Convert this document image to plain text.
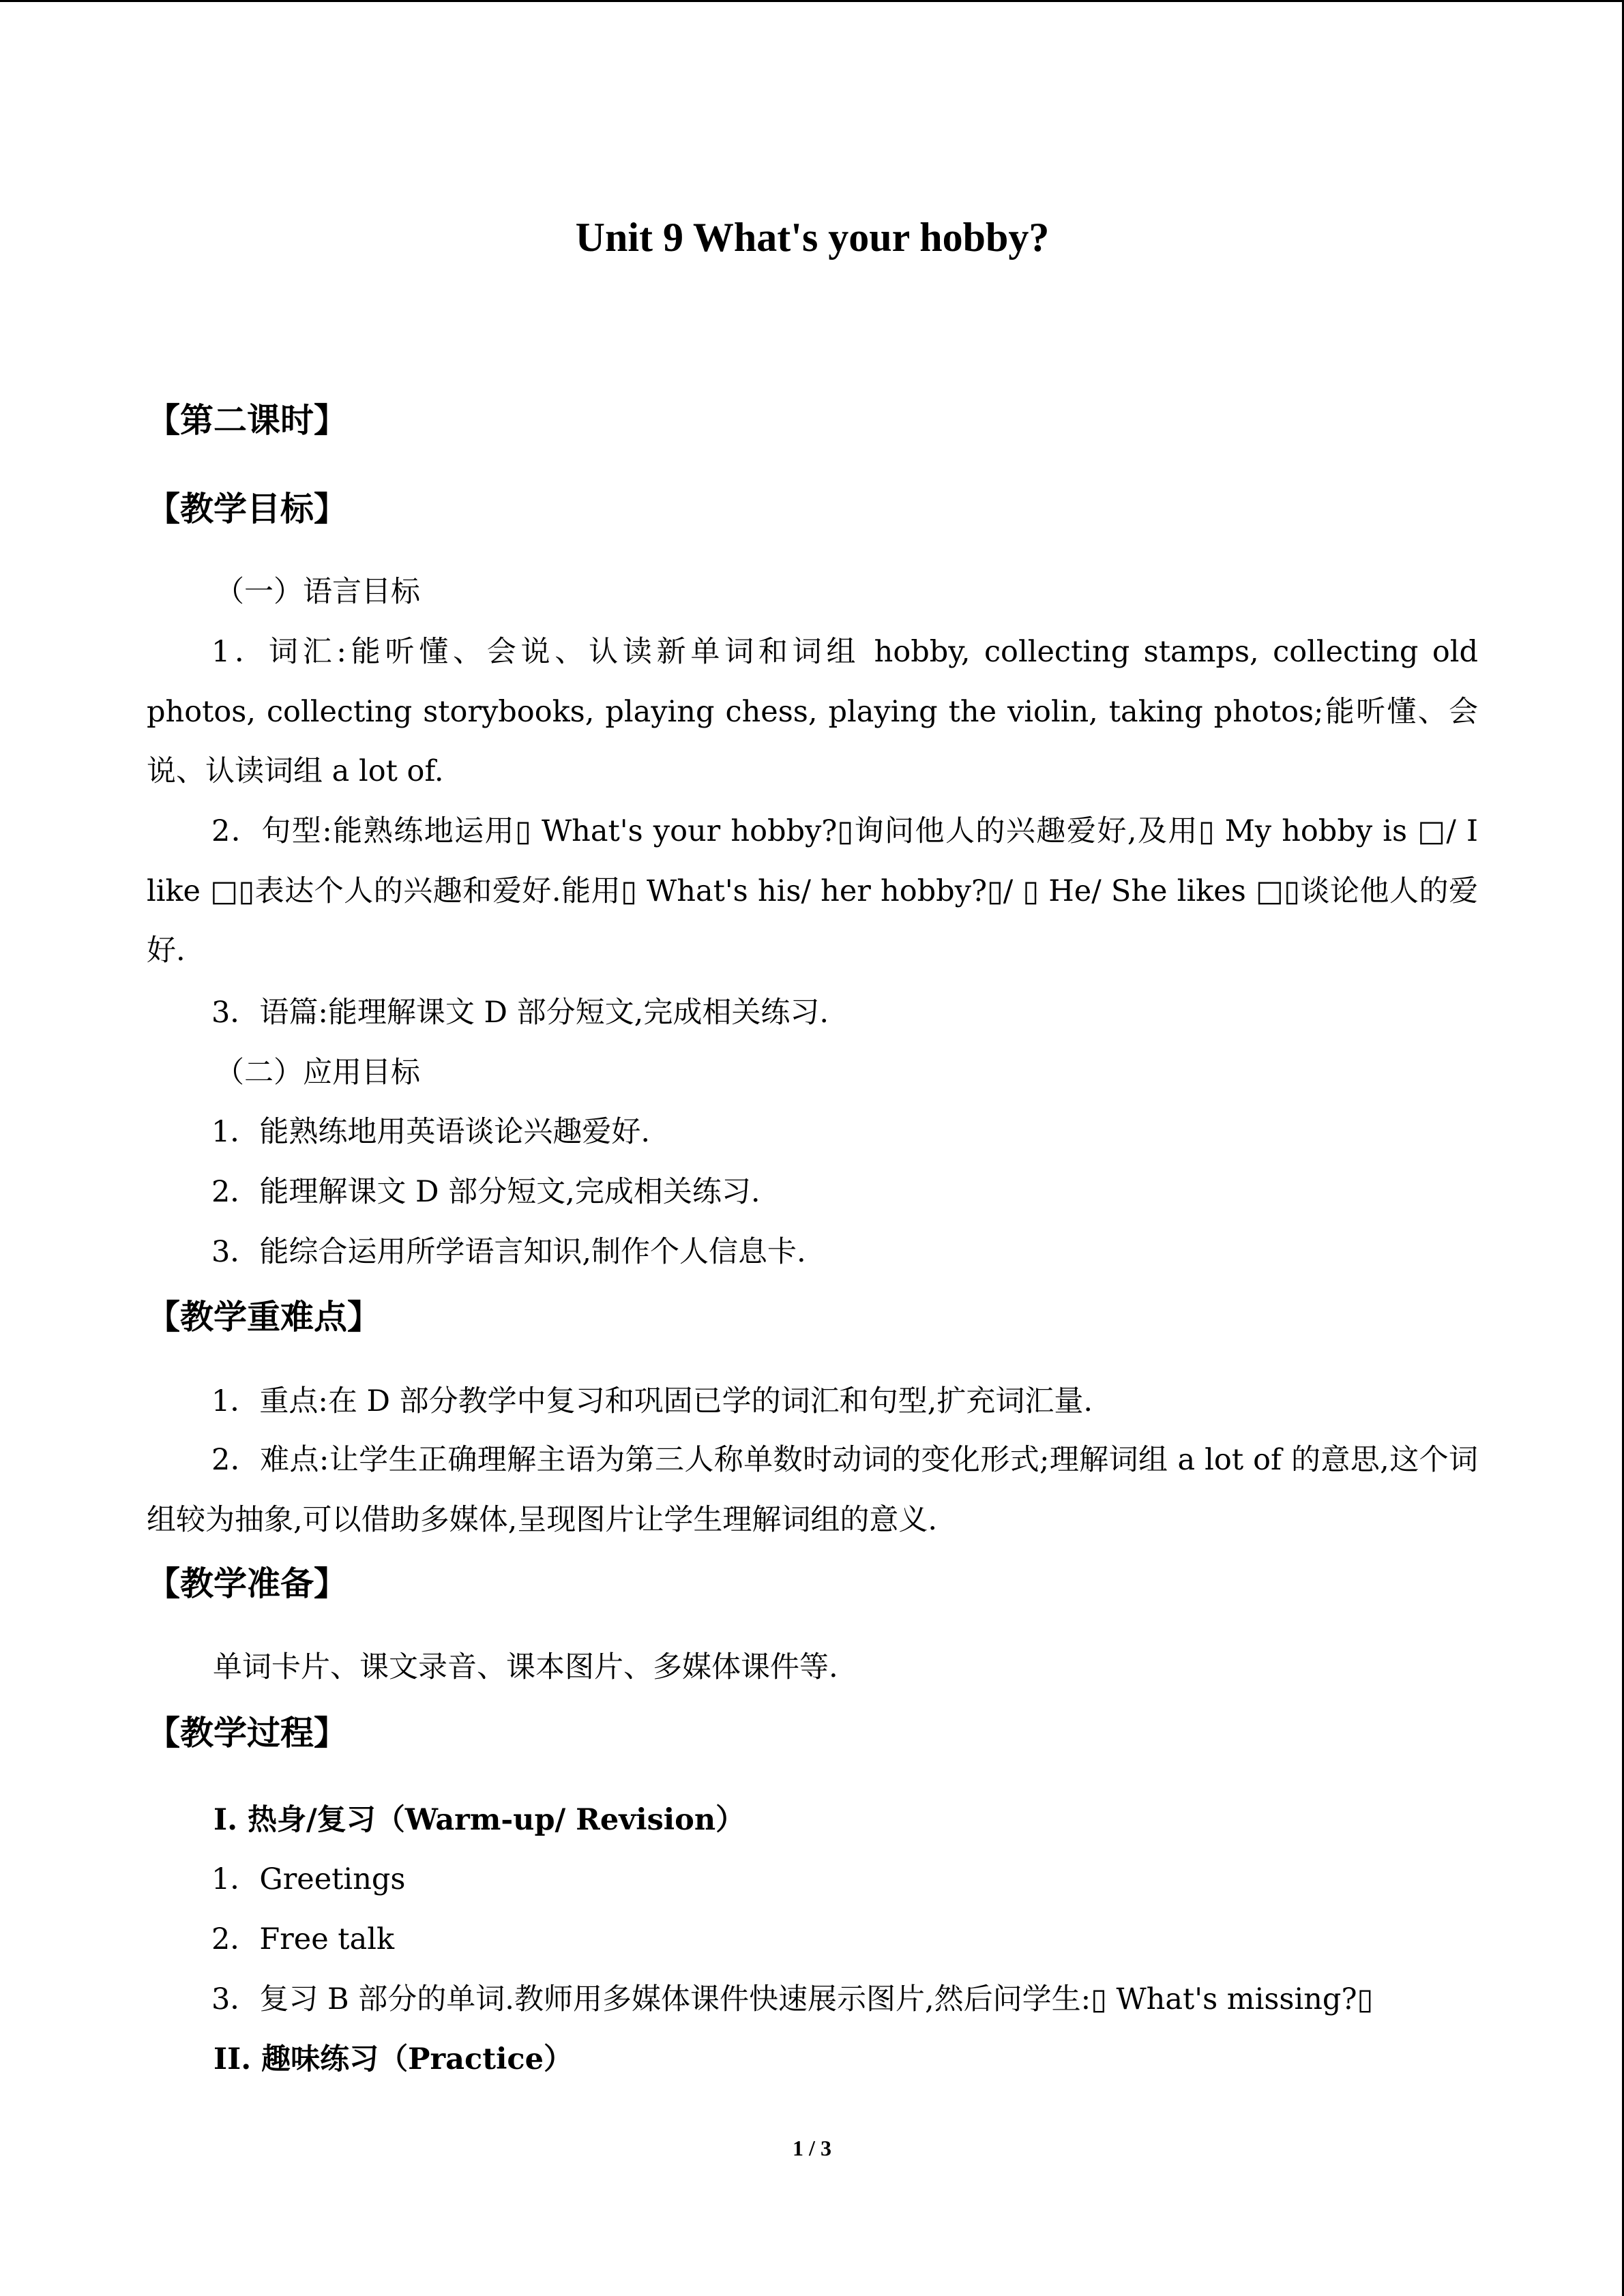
Unit 9 What's your hobby?
【第二课时】
【教学目标】
（一）语言目标
1．词汇:能听懂、会说、认读新单词和词组 hobby, collecting stamps, collecting old photos, collecting storybooks, playing chess, playing the violin, taking photos;能听懂、会说、认读词组 a lot of.
2．句型:能熟练地运用▯ What's your hobby?▯询问他人的兴趣爱好,及用▯ My hobby is □/ I like □▯表达个人的兴趣和爱好.能用▯ What's his/ her hobby?▯/ ▯ He/ She likes □▯谈论他人的爱好.
3．语篇:能理解课文 D 部分短文,完成相关练习.
（二）应用目标
1．能熟练地用英语谈论兴趣爱好.
2．能理解课文 D 部分短文,完成相关练习.
3．能综合运用所学语言知识,制作个人信息卡.
【教学重难点】
1．重点:在 D 部分教学中复习和巩固已学的词汇和句型,扩充词汇量.
2．难点:让学生正确理解主语为第三人称单数时动词的变化形式;理解词组 a lot of 的意思,这个词组较为抽象,可以借助多媒体,呈现图片让学生理解词组的意义.
【教学准备】
单词卡片、课文录音、课本图片、多媒体课件等.
【教学过程】
I. 热身/复习（Warm-up/ Revision）
1．Greetings
2．Free talk
3．复习 B 部分的单词.教师用多媒体课件快速展示图片,然后问学生:▯ What's missing?▯
II. 趣味练习（Practice）
1 / 3
